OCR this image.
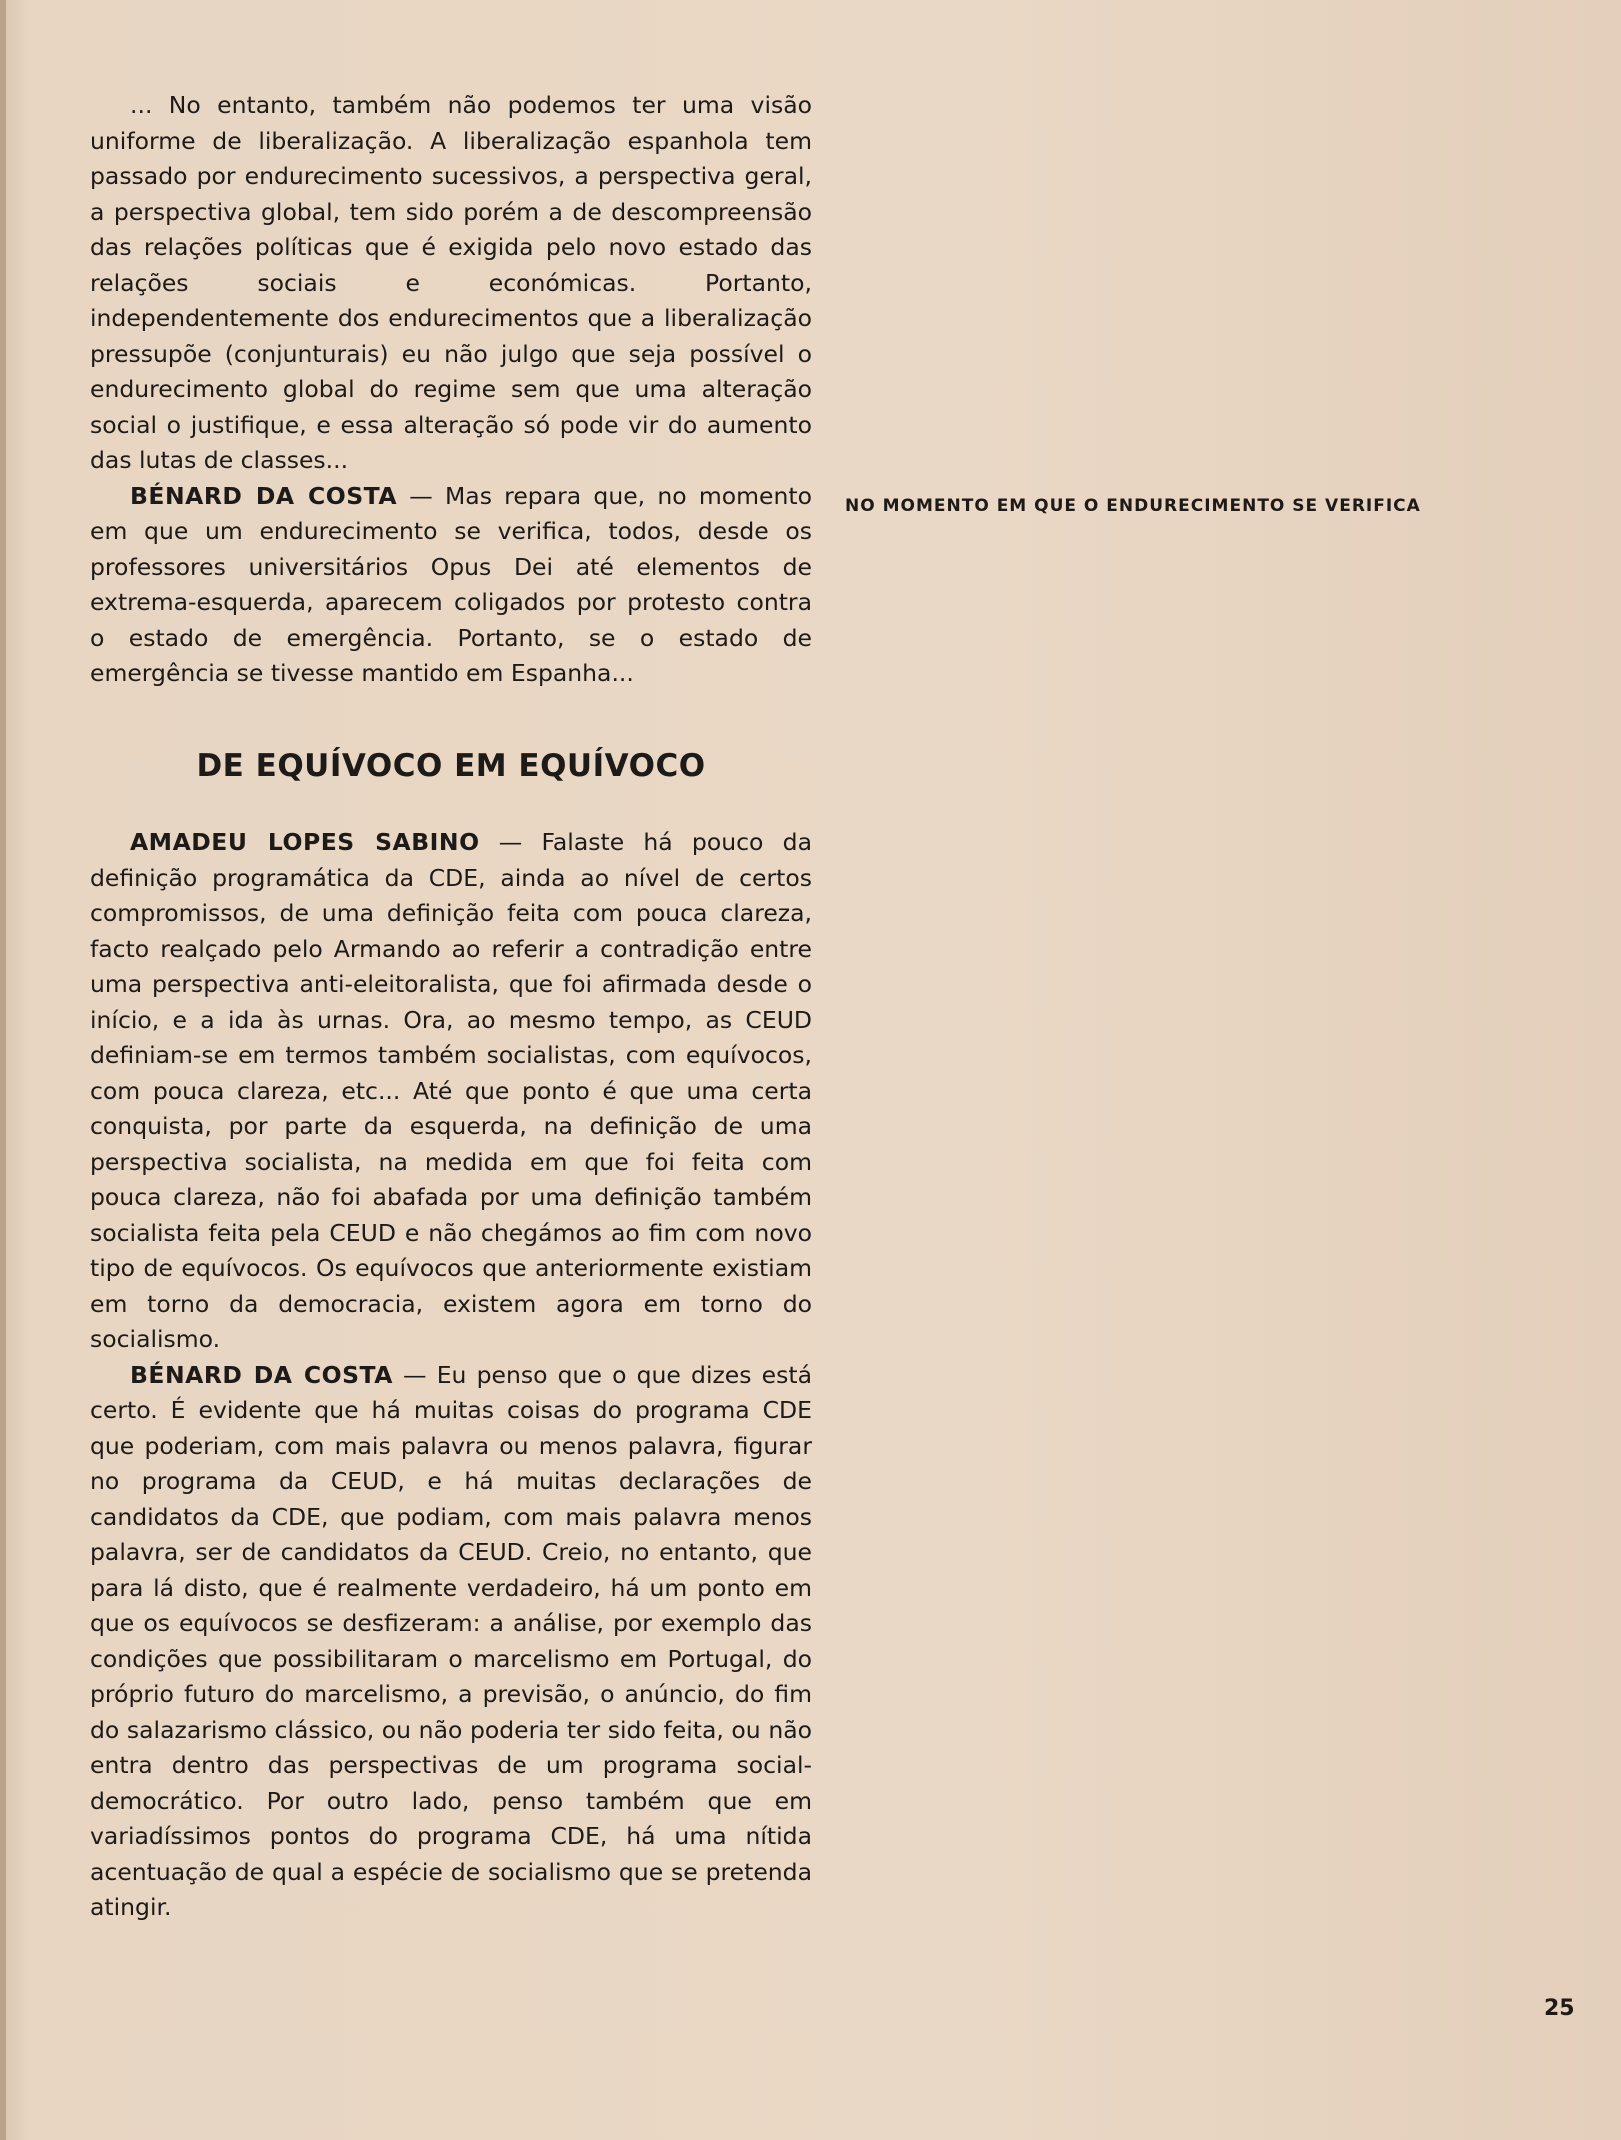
... No entanto, também não podemos ter uma visão uniforme de liberalização. A liberalização espanhola tem passado por endurecimento sucessivos, a perspectiva geral, a perspectiva global, tem sido porém a de descompreensão das relações políticas que é exigida pelo novo estado das relações sociais e económicas. Portanto, independentemente dos endurecimentos que a liberalização pressupõe (conjunturais) eu não julgo que seja possível o endurecimento global do regime sem que uma alteração social o justifique, e essa alteração só pode vir do aumento das lutas de classes...

BÉNARD DA COSTA — Mas repara que, no momento em que um endurecimento se verifica, todos, desde os professores universitários Opus Dei até elementos de extrema-esquerda, aparecem coligados por protesto contra o estado de emergência. Portanto, se o estado de emergência se tivesse mantido em Espanha...

DE EQUÍVOCO EM EQUÍVOCO

AMADEU LOPES SABINO — Falaste há pouco da definição programática da CDE, ainda ao nível de certos compromissos, de uma definição feita com pouca clareza, facto realçado pelo Armando ao referir a contradição entre uma perspectiva anti-eleitoralista, que foi afirmada desde o início, e a ida às urnas. Ora, ao mesmo tempo, as CEUD definiam-se em termos também socialistas, com equívocos, com pouca clareza, etc... Até que ponto é que uma certa conquista, por parte da esquerda, na definição de uma perspectiva socialista, na medida em que foi feita com pouca clareza, não foi abafada por uma definição também socialista feita pela CEUD e não chegámos ao fim com novo tipo de equívocos. Os equívocos que anteriormente existiam em torno da democracia, existem agora em torno do socialismo.

BÉNARD DA COSTA — Eu penso que o que dizes está certo. É evidente que há muitas coisas do programa CDE que poderiam, com mais palavra ou menos palavra, figurar no programa da CEUD, e há muitas declarações de candidatos da CDE, que podiam, com mais palavra menos palavra, ser de candidatos da CEUD. Creio, no entanto, que para lá disto, que é realmente verdadeiro, há um ponto em que os equívocos se desfizeram: a análise, por exemplo das condições que possibilitaram o marcelismo em Portugal, do próprio futuro do marcelismo, a previsão, o anúncio, do fim do salazarismo clássico, ou não poderia ter sido feita, ou não entra dentro das perspectivas de um programa social-democrático. Por outro lado, penso também que em variadíssimos pontos do programa CDE, há uma nítida acentuação de qual a espécie de socialismo que se pretenda atingir.

NO MOMENTO EM QUE O ENDURECIMENTO SE VERIFICA
25
